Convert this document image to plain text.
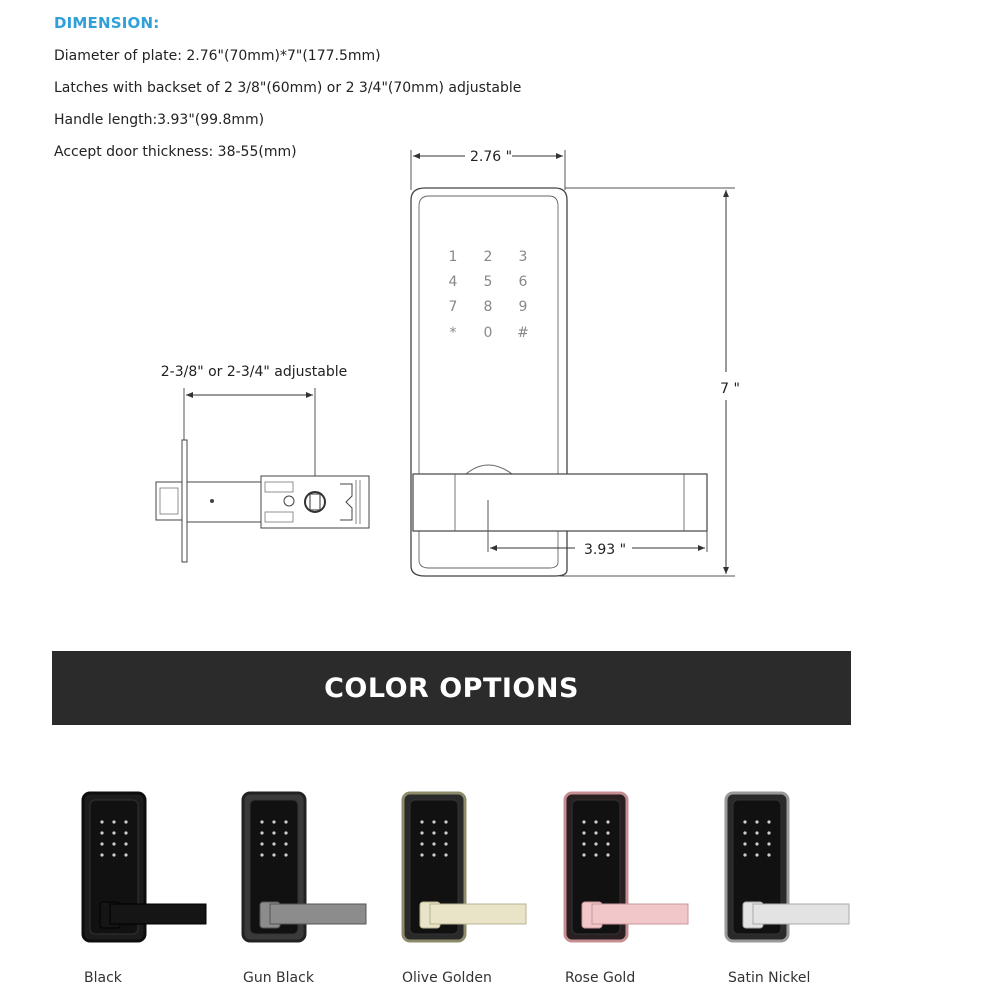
DIMENSION:
Diameter of plate: 2.76"(70mm)*7"(177.5mm)
Latches with backset of 2 3/8"(60mm) or 2 3/4"(70mm) adjustable
Handle length:3.93"(99.8mm)
Accept door thickness: 38-55(mm)	2.76 "
7 "
1 2 3
4 5 6
7 8 9
* 0 #
3.93 "
2-3/8" or 2-3/4" adjustable
COLOR OPTIONS
Black	Gun Black	Olive Golden	Rose Gold	Satin Nickel
